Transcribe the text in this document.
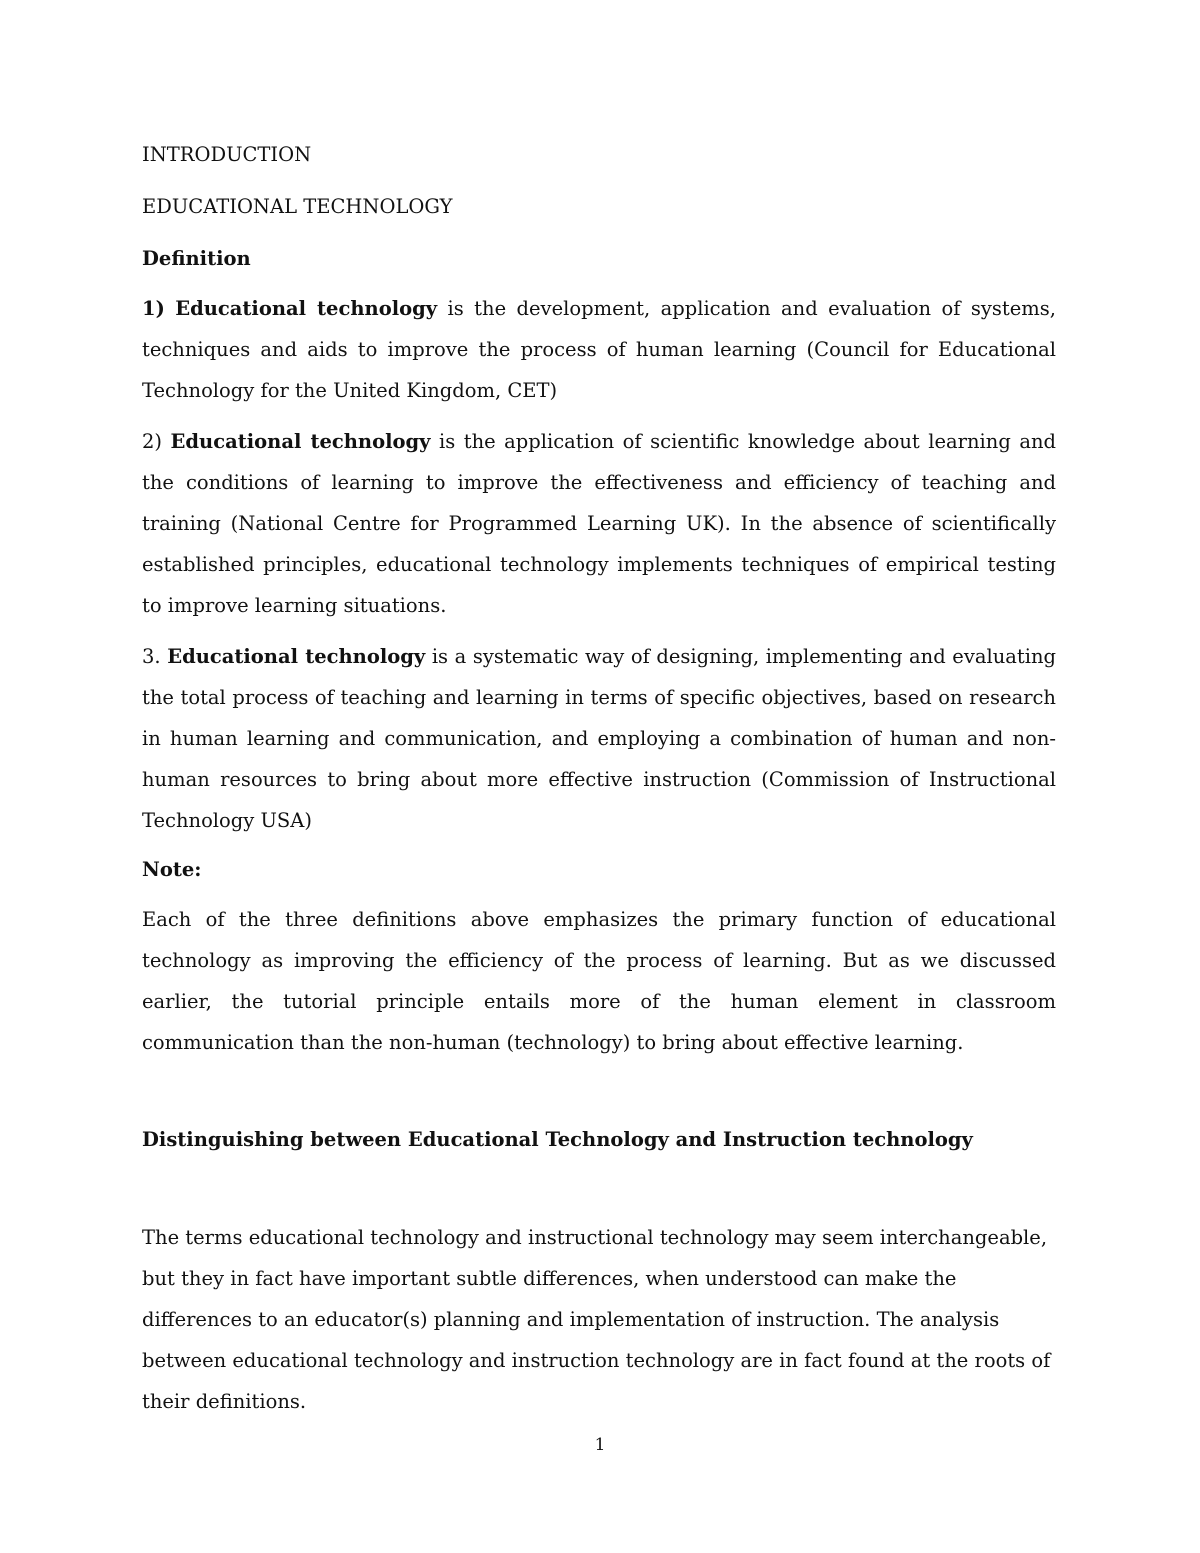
INTRODUCTION

EDUCATIONAL TECHNOLOGY

Definition

1) Educational technology is the development, application and evaluation of systems, techniques and aids to improve the process of human learning (Council for Educational Technology for the United Kingdom, CET)

2) Educational technology is the application of scientific knowledge about learning and the conditions of learning to improve the effectiveness and efficiency of teaching and training (National Centre for Programmed Learning UK). In the absence of scientifically established principles, educational technology implements techniques of empirical testing to improve learning situations.

3. Educational technology is a systematic way of designing, implementing and evaluating the total process of teaching and learning in terms of specific objectives, based on research in human learning and communication, and employing a combination of human and non-human resources to bring about more effective instruction (Commission of Instructional Technology USA)

Note:

Each of the three definitions above emphasizes the primary function of educational technology as improving the efficiency of the process of learning. But as we discussed earlier, the tutorial principle entails more of the human element in classroom communication than the non-human (technology) to bring about effective learning.

Distinguishing between Educational Technology and Instruction technology

The terms educational technology and instructional technology may seem interchangeable, but they in fact have important subtle differences, when understood can make the differences to an educator(s) planning and implementation of instruction. The analysis between educational technology and instruction technology are in fact found at the roots of their definitions.

1
